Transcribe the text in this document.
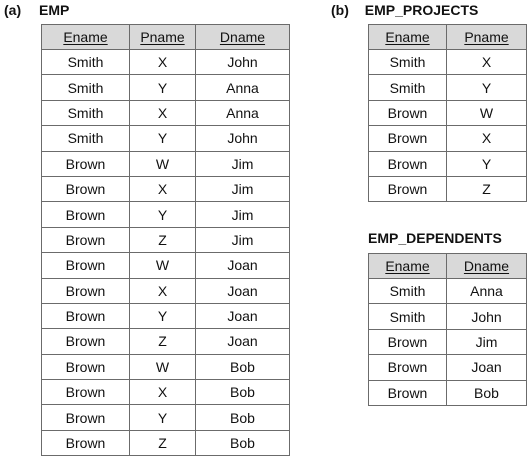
(a) EMP
Ename	Pname	Dname
Smith	X	John
Smith	Y	Anna
Smith	X	Anna
Smith	Y	John
Brown	W	Jim
Brown	X	Jim
Brown	Y	Jim
Brown	Z	Jim
Brown	W	Joan
Brown	X	Joan
Brown	Y	Joan
Brown	Z	Joan
Brown	W	Bob
Brown	X	Bob
Brown	Y	Bob
Brown	Z	Bob
(b) EMP_PROJECTS
Ename	Pname
Smith	X
Smith	Y
Brown	W
Brown	X
Brown	Y
Brown	Z
EMP_DEPENDENTS
Ename	Dname
Smith	Anna
Smith	John
Brown	Jim
Brown	Joan
Brown	Bob
